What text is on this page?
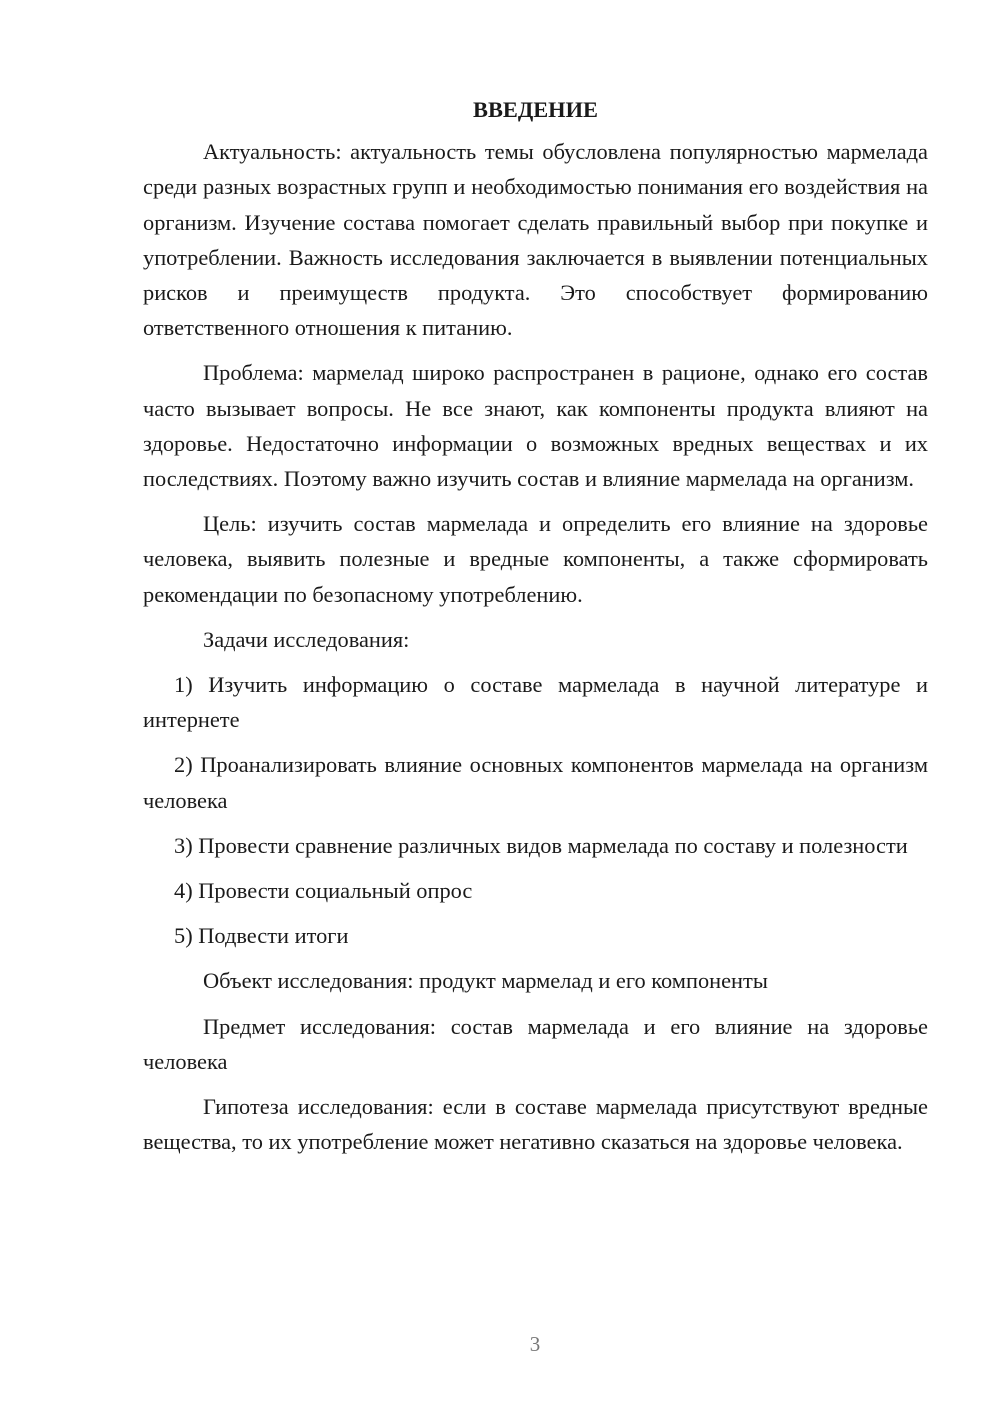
ВВЕДЕНИЕ

Актуальность: актуальность темы обусловлена популярностью мармелада среди разных возрастных групп и необходимостью понимания его воздействия на организм. Изучение состава помогает сделать правильный выбор при покупке и употреблении. Важность исследования заключается в выявлении потенциальных рисков и преимуществ продукта. Это способствует формированию ответственного отношения к питанию.

Проблема: мармелад широко распространен в рационе, однако его состав часто вызывает вопросы. Не все знают, как компоненты продукта влияют на здоровье. Недостаточно информации о возможных вредных веществах и их последствиях. Поэтому важно изучить состав и влияние мармелада на организм.

Цель: изучить состав мармелада и определить его влияние на здоровье человека, выявить полезные и вредные компоненты, а также сформировать рекомендации по безопасному употреблению.

Задачи исследования:

1) Изучить информацию о составе мармелада в научной литературе и интернете

2) Проанализировать влияние основных компонентов мармелада на организм человека

3) Провести сравнение различных видов мармелада по составу и полезности

4) Провести социальный опрос

5) Подвести итоги

Объект исследования: продукт мармелад и его компоненты

Предмет исследования: состав мармелада и его влияние на здоровье человека

Гипотеза исследования: если в составе мармелада присутствуют вредные вещества, то их употребление может негативно сказаться на здоровье человека.

3
